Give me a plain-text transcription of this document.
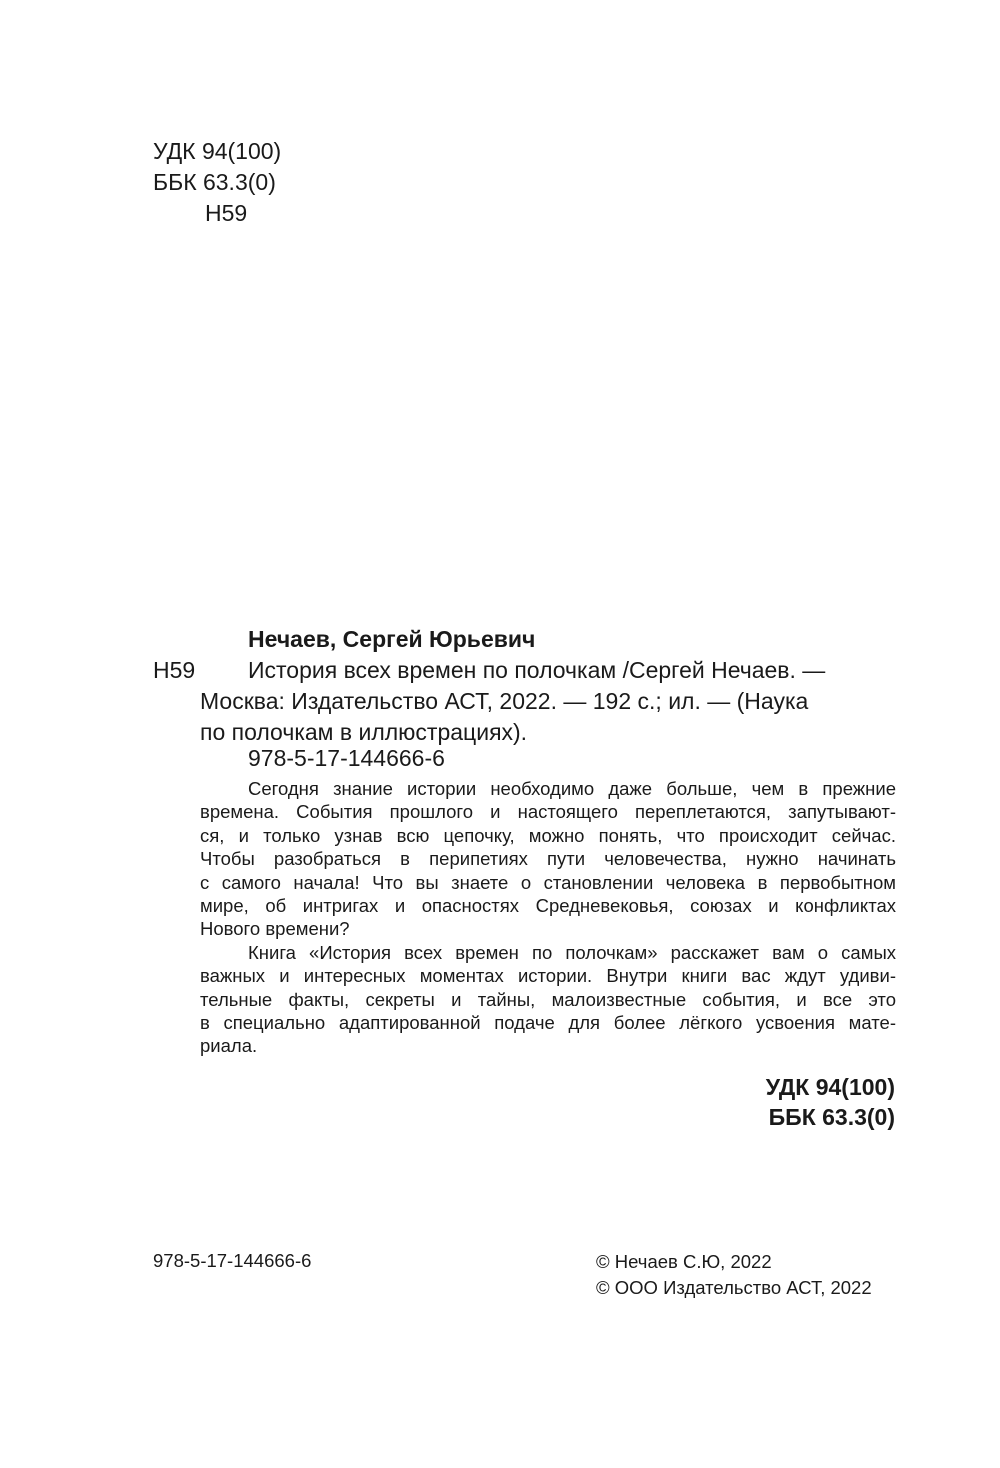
УДК 94(100)
ББК 63.3(0)
Н59
Нечаев, Сергей Юрьевич
Н59	История всех времен по полочкам /Сергей Нечаев. —
Москва: Издательство АСТ, 2022. — 192 с.; ил. — (Наука
по полочкам в иллюстрациях).
978-5-17-144666-6
Сегодня знание истории необходимо даже больше, чем в прежние
времена. События прошлого и настоящего переплетаются, запутывают-
ся, и только узнав всю цепочку, можно понять, что происходит сейчас.
Чтобы разобраться в перипетиях пути человечества, нужно начинать
с самого начала! Что вы знаете о становлении человека в первобытном
мире, об интригах и опасностях Средневековья, союзах и конфликтах
Нового времени?
Книга «История всех времен по полочкам» расскажет вам о самых
важных и интересных моментах истории. Внутри книги вас ждут удиви-
тельные факты, секреты и тайны, малоизвестные события, и все это
в специально адаптированной подаче для более лёгкого усвоения мате-
риала.
УДК 94(100)
ББК 63.3(0)
978-5-17-144666-6	© Нечаев С.Ю, 2022
© ООО Издательство АСТ, 2022
